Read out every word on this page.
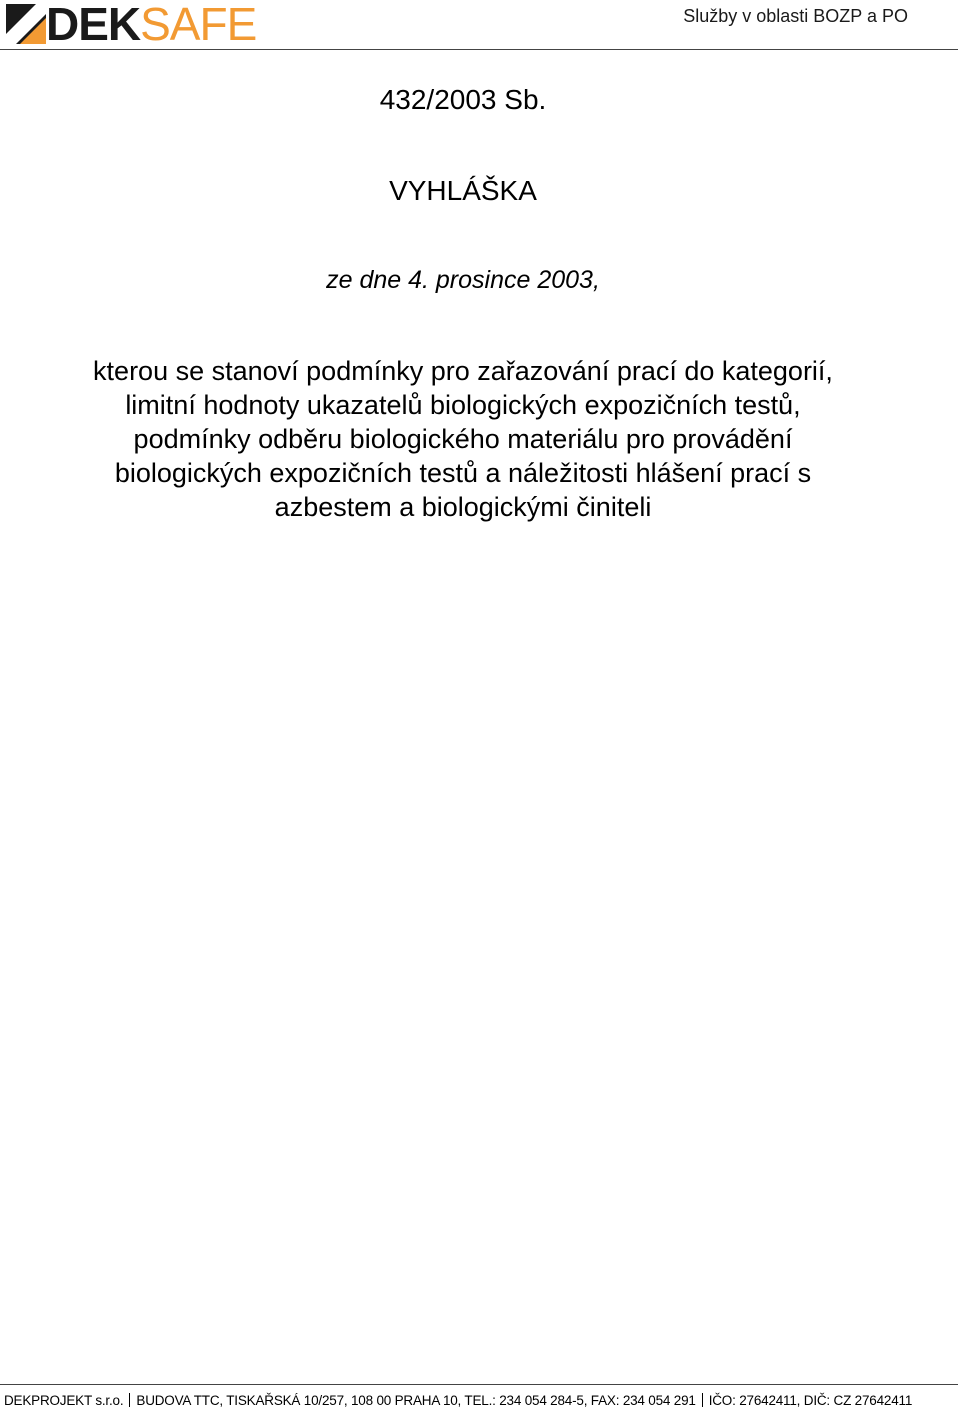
DEK SAFE	Služby v oblasti BOZP a PO
432/2003 Sb.
VYHLÁŠKA
ze dne 4. prosince 2003,
kterou se stanoví podmínky pro zařazování prací do kategorií,
limitní hodnoty ukazatelů biologických expozičních testů,
podmínky odběru biologického materiálu pro provádění
biologických expozičních testů a náležitosti hlášení prací s
azbestem a biologickými činiteli
DEKPROJEKT s.r.o. BUDOVA TTC, TISKAŘSKÁ 10/257, 108 00 PRAHA 10, TEL.: 234 054 284-5, FAX: 234 054 291 IČO: 27642411, DIČ: CZ 27642411
